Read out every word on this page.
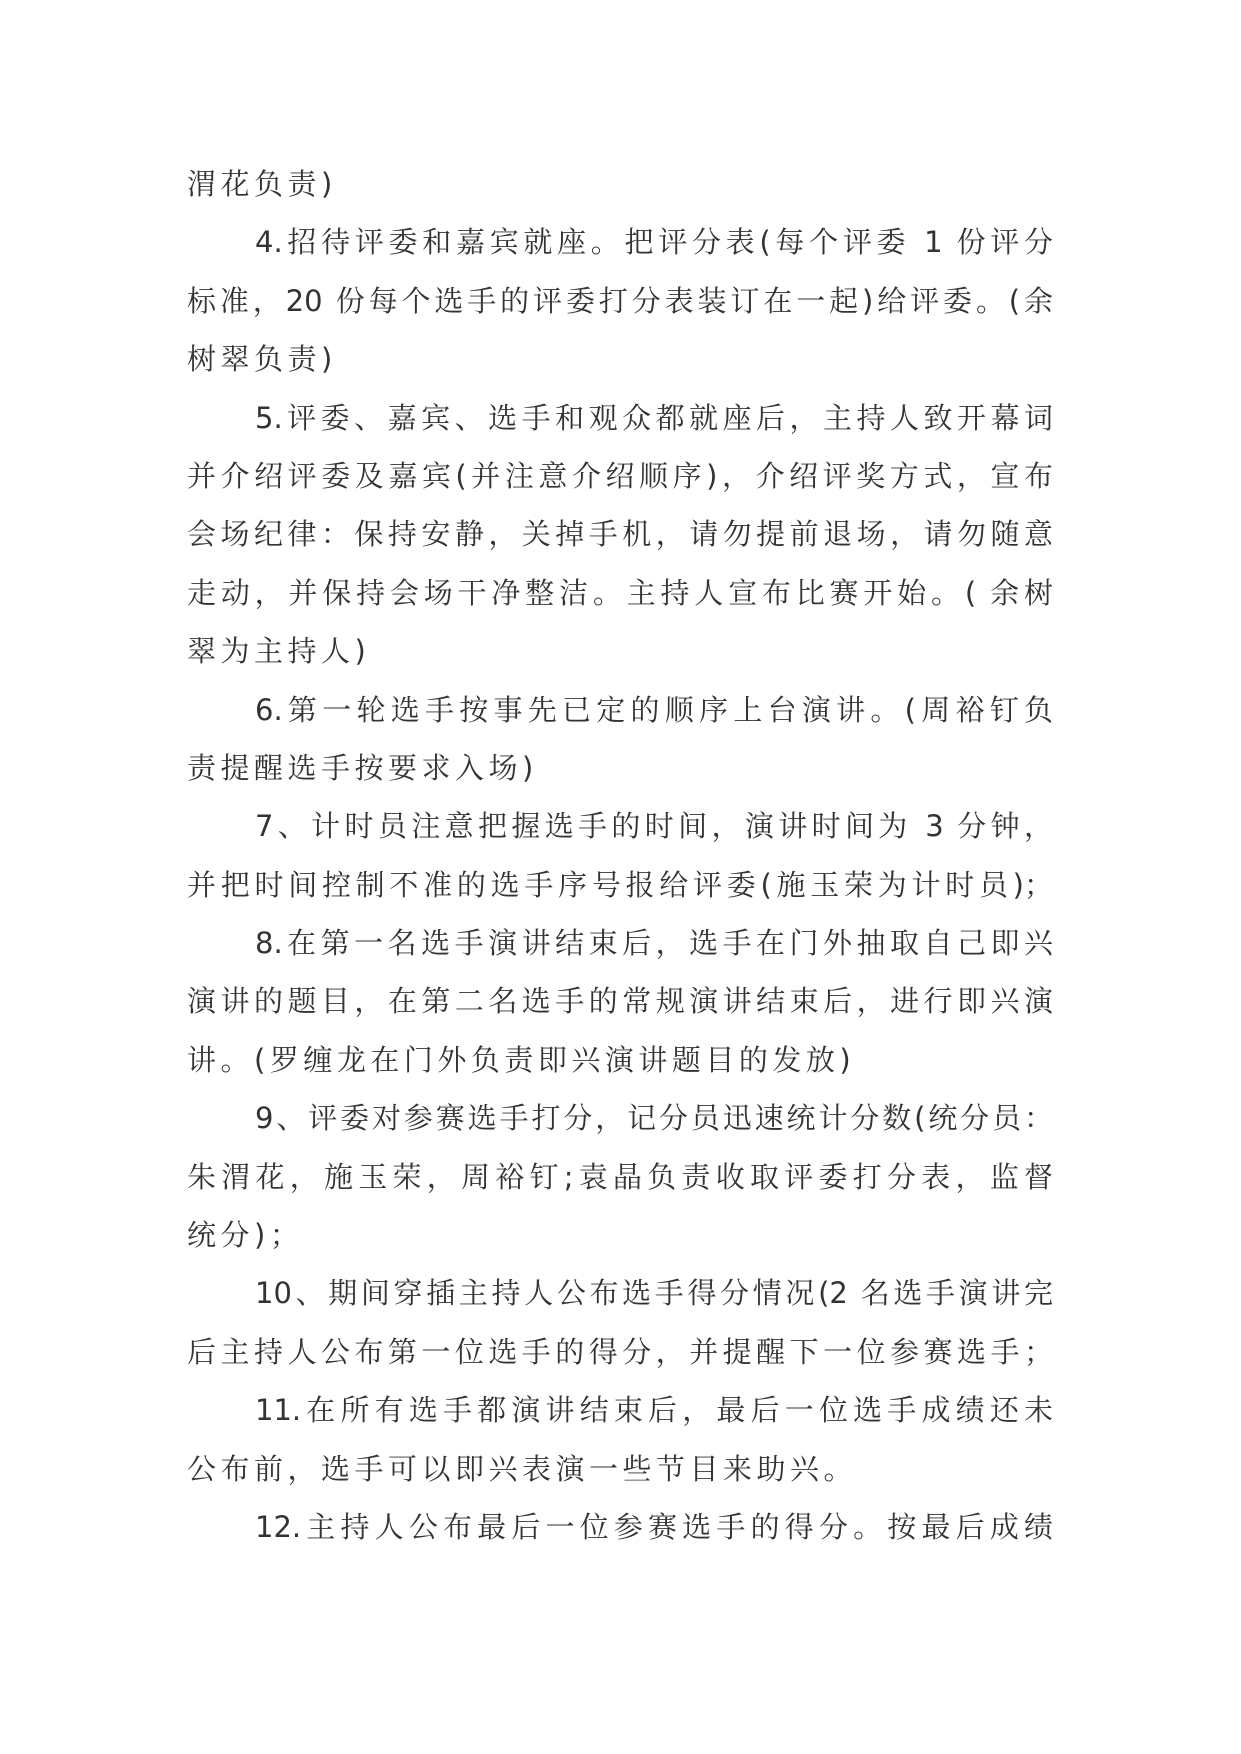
渭花负责)
4.招待评委和嘉宾就座。把评分表(每个评委 1 份评分
标准，20 份每个选手的评委打分表装订在一起)给评委。(余
树翠负责)
5.评委、嘉宾、选手和观众都就座后，主持人致开幕词
并介绍评委及嘉宾(并注意介绍顺序)，介绍评奖方式，宣布
会场纪律：保持安静，关掉手机，请勿提前退场，请勿随意
走动，并保持会场干净整洁。主持人宣布比赛开始。( 余树
翠为主持人)
6.第一轮选手按事先已定的顺序上台演讲。(周裕钉负
责提醒选手按要求入场)
7、计时员注意把握选手的时间，演讲时间为 3 分钟，
并把时间控制不准的选手序号报给评委(施玉荣为计时员)；
8.在第一名选手演讲结束后，选手在门外抽取自己即兴
演讲的题目，在第二名选手的常规演讲结束后，进行即兴演
讲。(罗缠龙在门外负责即兴演讲题目的发放)
9、评委对参赛选手打分，记分员迅速统计分数(统分员：
朱渭花，施玉荣，周裕钉;袁晶负责收取评委打分表，监督
统分)；
10、期间穿插主持人公布选手得分情况(2 名选手演讲完
后主持人公布第一位选手的得分，并提醒下一位参赛选手；
11.在所有选手都演讲结束后，最后一位选手成绩还未
公布前，选手可以即兴表演一些节目来助兴。
12.主持人公布最后一位参赛选手的得分。按最后成绩
